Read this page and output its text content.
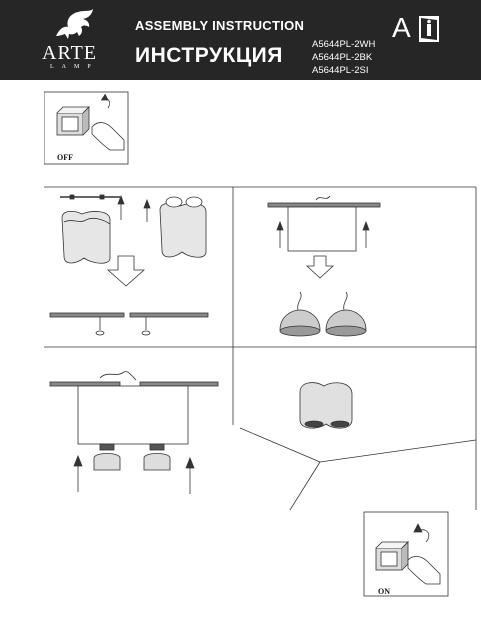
ARTE
LAMP
ASSEMBLY INSTRUCTION
ИНСТРУКЦИЯ	A5644PL-2WH
A5644PL-2BK
A5644PL-2SI
A
OFF
ON
